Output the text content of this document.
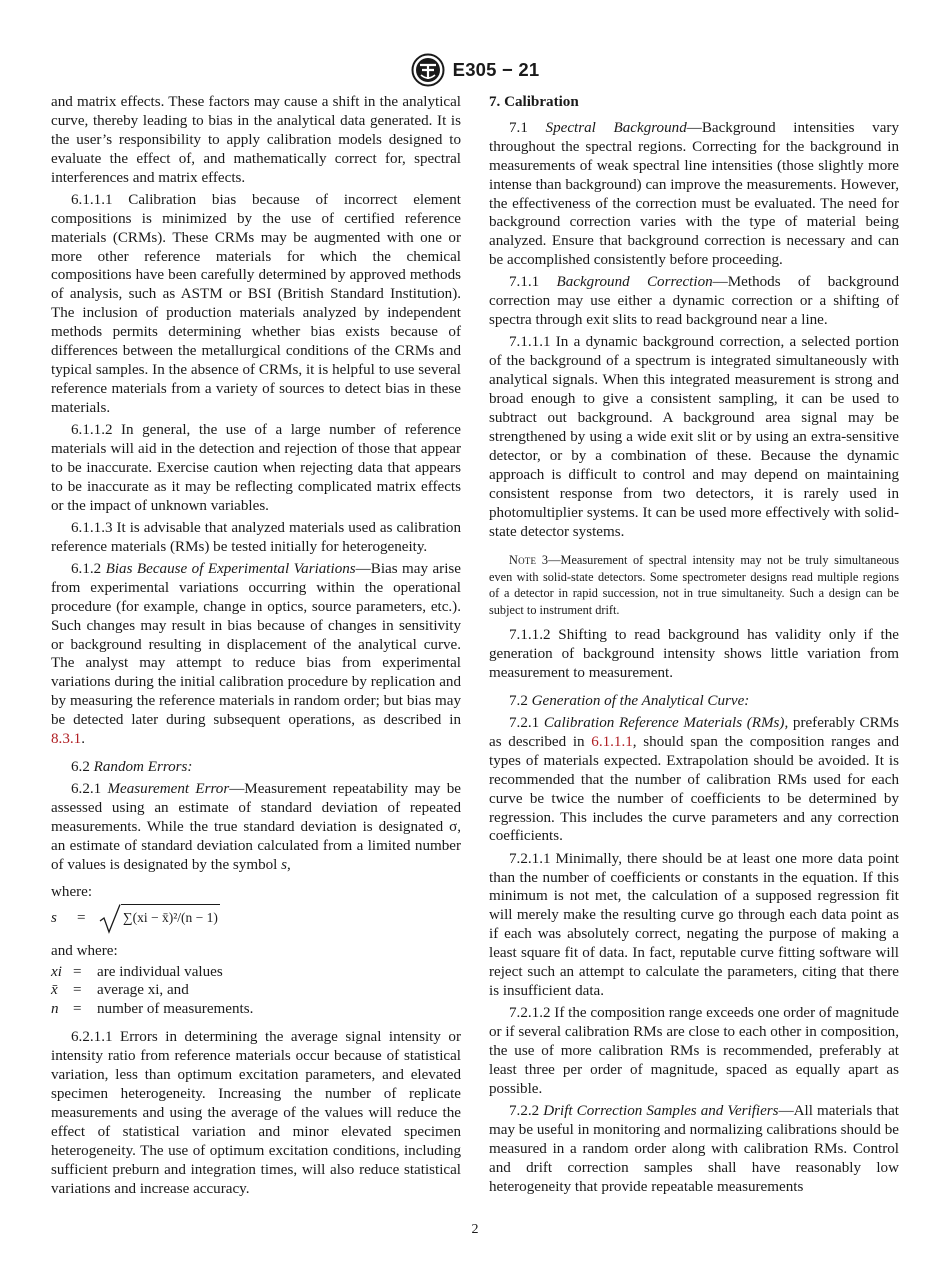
E305 − 21

and matrix effects. These factors may cause a shift in the analytical curve, thereby leading to bias in the analytical data generated. It is the user’s responsibility to apply calibration models designed to evaluate the effect of, and mathematically correct for, spectral interferences and matrix effects.

6.1.1.1 Calibration bias because of incorrect element compositions is minimized by the use of certified reference materials (CRMs). These CRMs may be augmented with one or more other reference materials for which the chemical compositions have been carefully determined by approved methods of analysis, such as ASTM or BSI (British Standard Institution). The inclusion of production materials analyzed by independent methods permits determining whether bias exists because of differences between the metallurgical conditions of the CRMs and typical samples. In the absence of CRMs, it is helpful to use several reference materials from a variety of sources to detect bias in these materials.

6.1.1.2 In general, the use of a large number of reference materials will aid in the detection and rejection of those that appear to be inaccurate. Exercise caution when rejecting data that appears to be inaccurate as it may be reflecting complicated matrix effects or the impact of unknown variables.

6.1.1.3 It is advisable that analyzed materials used as calibration reference materials (RMs) be tested initially for heterogeneity.

6.1.2 Bias Because of Experimental Variations—Bias may arise from experimental variations occurring within the operational procedure (for example, change in optics, source parameters, etc.). Such changes may result in bias because of changes in sensitivity or background resulting in displacement of the analytical curve. The analyst may attempt to reduce bias from experimental variations during the initial calibration procedure by replication and by measuring the reference materials in random order; but bias may be detected later during subsequent operations, as described in 8.3.1.

6.2 Random Errors:

6.2.1 Measurement Error—Measurement repeatability may be assessed using an estimate of standard deviation of repeated measurements. While the true standard deviation is designated σ, an estimate of standard deviation calculated from a limited number of values is designated by the symbol s,

where:

s	=	∑(xi − x̄)²/(n − 1)

and where:

xi =	are individual values
x̄	=	average xi, and
n =	number of measurements.

6.2.1.1 Errors in determining the average signal intensity or intensity ratio from reference materials occur because of statistical variation, less than optimum excitation parameters, and elevated specimen heterogeneity. Increasing the number of replicate measurements and using the average of the values will reduce the effect of statistical variation and minor elevated specimen heterogeneity. The use of optimum excitation conditions, including sufficient preburn and integration times, will also reduce statistical variations and increase accuracy.

7. Calibration

7.1 Spectral Background—Background intensities vary throughout the spectral regions. Correcting for the background in measurements of weak spectral line intensities (those slightly more intense than background) can improve the measurements. However, the effectiveness of the correction must be evaluated. The need for background correction varies with the type of material being analyzed. Ensure that background correction is necessary and can be accomplished consistently before proceeding.

7.1.1 Background Correction—Methods of background correction may use either a dynamic correction or a shifting of spectra through exit slits to read background near a line.

7.1.1.1 In a dynamic background correction, a selected portion of the background of a spectrum is integrated simultaneously with analytical signals. When this integrated measurement is strong and broad enough to give a consistent sampling, it can be used to subtract out background. A background area signal may be strengthened by using a wide exit slit or by using an extra-sensitive detector, or by a combination of these. Because the dynamic approach is difficult to control and may depend on maintaining consistent response from two detectors, it is rarely used in photomultiplier systems. It can be used more effectively with solid-state detector systems.

Note 3—Measurement of spectral intensity may not be truly simultaneous even with solid-state detectors. Some spectrometer designs read multiple regions of a detector in rapid succession, not in true simultaneity. Such a design can be subject to instrument drift.

7.1.1.2 Shifting to read background has validity only if the generation of background intensity shows little variation from measurement to measurement.

7.2 Generation of the Analytical Curve:

7.2.1 Calibration Reference Materials (RMs), preferably CRMs as described in 6.1.1.1, should span the composition ranges and types of materials expected. Extrapolation should be avoided. It is recommended that the number of calibration RMs used for each curve be twice the number of coefficients to be determined by regression. This includes the curve parameters and any correction coefficients.

7.2.1.1 Minimally, there should be at least one more data point than the number of coefficients or constants in the equation. If this minimum is not met, the calculation of a supposed regression fit will merely make the resulting curve go through each data point as if each was absolutely correct, negating the purpose of making a least square fit of data. In fact, reputable curve fitting software will reject such an attempt to calculate the parameters, citing that there is insufficient data.

7.2.1.2 If the composition range exceeds one order of magnitude or if several calibration RMs are close to each other in composition, the use of more calibration RMs is recommended, preferably at least three per order of magnitude, spaced as equally apart as possible.

7.2.2 Drift Correction Samples and Verifiers—All materials that may be useful in monitoring and normalizing calibrations should be measured in a random order along with calibration RMs. Control and drift correction samples shall have reasonably low heterogeneity that provide repeatable measurements

2
